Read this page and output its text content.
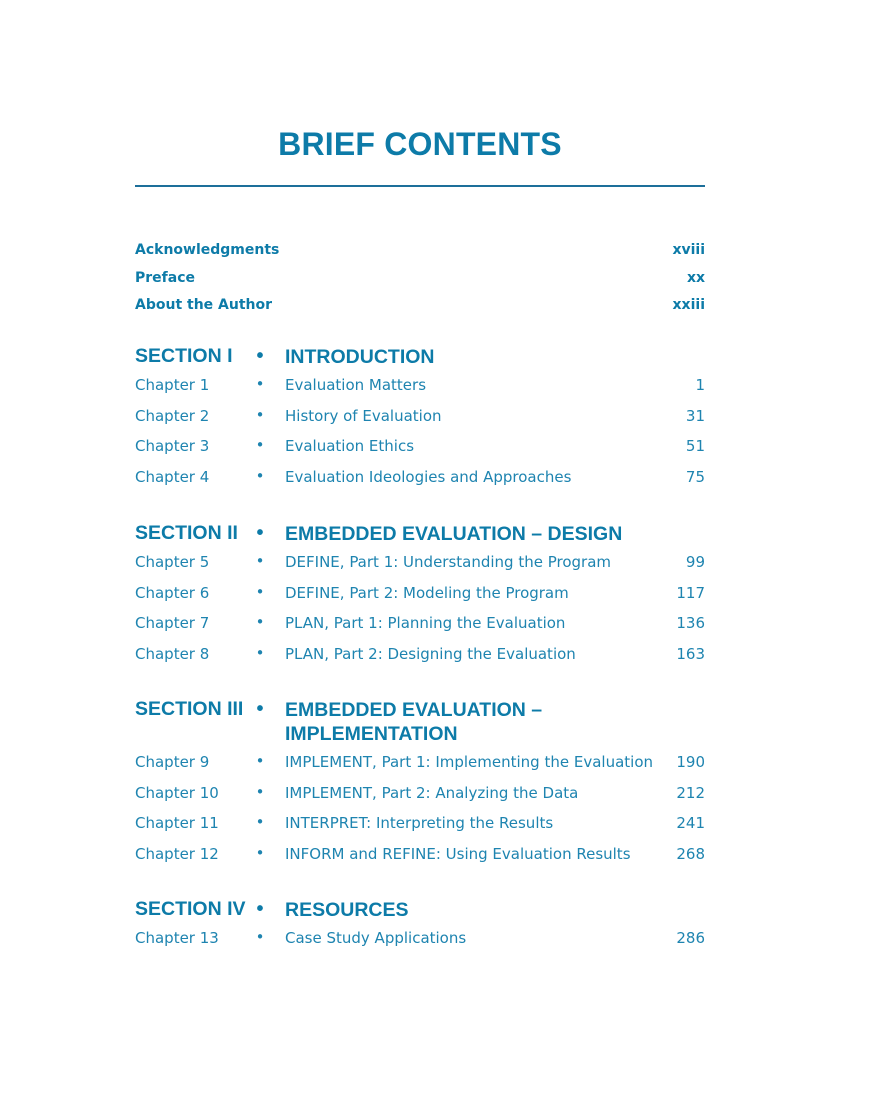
BRIEF CONTENTS
Acknowledgments	xviii
Preface	xx
About the Author	xxiii
SECTION I • INTRODUCTION
Chapter 1	• Evaluation Matters	1
Chapter 2	• History of Evaluation	31
Chapter 3	• Evaluation Ethics	51
Chapter 4	• Evaluation Ideologies and Approaches	75
SECTION II • EMBEDDED EVALUATION – DESIGN
Chapter 5	• DEFINE, Part 1: Understanding the Program	99
Chapter 6	• DEFINE, Part 2: Modeling the Program	117
Chapter 7	• PLAN, Part 1: Planning the Evaluation	136
Chapter 8	• PLAN, Part 2: Designing the Evaluation	163
SECTION III • EMBEDDED EVALUATION – IMPLEMENTATION
Chapter 9	• IMPLEMENT, Part 1: Implementing the Evaluation 190
Chapter 10 • IMPLEMENT, Part 2: Analyzing the Data	212
Chapter 11 • INTERPRET: Interpreting the Results	241
Chapter 12 • INFORM and REFINE: Using Evaluation Results	268
SECTION IV • RESOURCES
Chapter 13 • Case Study Applications	286
